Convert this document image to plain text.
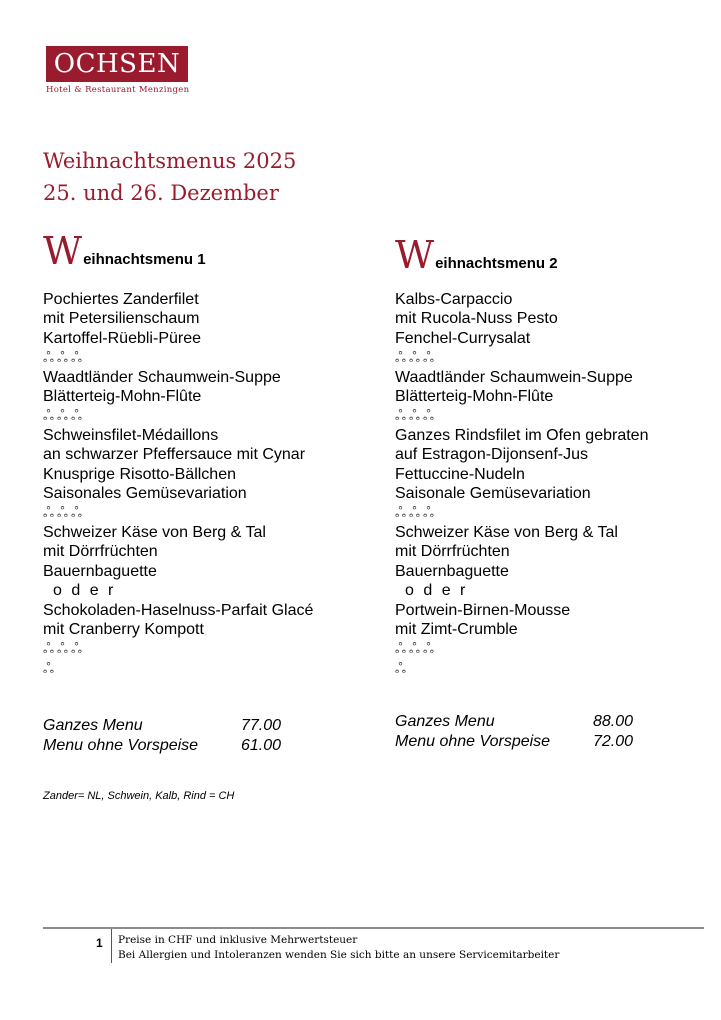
OCHSEN
Hotel & Restaurant Menzingen
Weihnachtsmenus 2025
25. und 26. Dezember
W eihnachtsmenu 1
Pochiertes Zanderfilet
mit Petersilienschaum
Kartoffel-Rüebli-Püree
ஃஃஃ
Waadtländer Schaumwein-Suppe
Blätterteig-Mohn-Flûte
ஃஃஃ
Schweinsfilet-Médaillons
an schwarzer Pfeffersauce mit Cynar
Knusprige Risotto-Bällchen
Saisonales Gemüsevariation
ஃஃஃ
Schweizer Käse von Berg & Tal
mit Dörrfrüchten
Bauernbaguette
o d e r
Schokoladen-Haselnuss-Parfait Glacé
mit Cranberry Kompott
ஃஃஃ
ஃ
Ganzes Menu	77.00
Menu ohne Vorspeise	61.00
W eihnachtsmenu 2
Kalbs-Carpaccio
mit Rucola-Nuss Pesto
Fenchel-Currysalat
ஃஃஃ
Waadtländer Schaumwein-Suppe
Blätterteig-Mohn-Flûte
ஃஃஃ
Ganzes Rindsfilet im Ofen gebraten
auf Estragon-Dijonsenf-Jus
Fettuccine-Nudeln
Saisonale Gemüsevariation
ஃஃஃ
Schweizer Käse von Berg & Tal
mit Dörrfrüchten
Bauernbaguette
o d e r
Portwein-Birnen-Mousse
mit Zimt-Crumble
ஃஃஃ
ஃ
Ganzes Menu	88.00
Menu ohne Vorspeise	72.00
Zander= NL, Schwein, Kalb, Rind = CH
1 Preise in CHF und inklusive Mehrwertsteuer
Bei Allergien und Intoleranzen wenden Sie sich bitte an unsere Servicemitarbeiter
